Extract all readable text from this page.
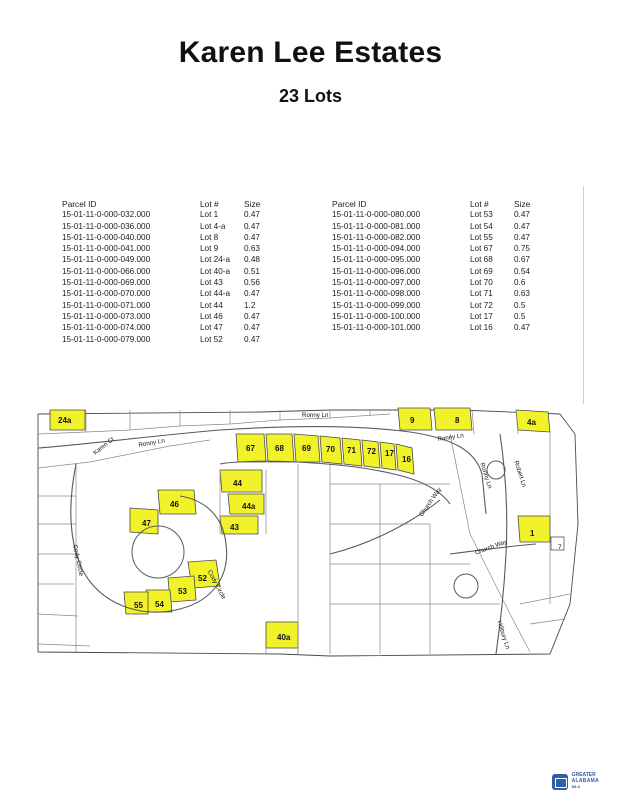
Karen Lee Estates
23 Lots
Parcel ID	Lot #	Size
15-01-11-0-000-032.000	Lot 1	0.47
15-01-11-0-000-036.000	Lot 4-a	0.47
15-01-11-0-000-040.000	Lot 8	0.47
15-01-11-0-000-041.000	Lot 9	0.63
15-01-11-0-000-049.000	Lot 24-a	0.48
15-01-11-0-000-066.000	Lot 40-a	0.51
15-01-11-0-000-069.000	Lot 43	0.56
15-01-11-0-000-070.000	Lot 44-a	0.47
15-01-11-0-000-071.000	Lot 44	1.2
15-01-11-0-000-073.000	Lot 46	0.47
15-01-11-0-000-074.000	Lot 47	0.47
15-01-11-0-000-079.000	Lot 52	0.47
Parcel ID	Lot #	Size
15-01-11-0-000-080.000	Lot 53	0.47
15-01-11-0-000-081.000	Lot 54	0.47
15-01-11-0-000-082.000	Lot 55	0.47
15-01-11-0-000-094.000	Lot 67	0.75
15-01-11-0-000-095.000	Lot 68	0.67
15-01-11-0-000-096.000	Lot 69	0.54
15-01-11-0-000-097.000	Lot 70	0.6
15-01-11-0-000-098.000	Lot 71	0.63
15-01-11-0-000-099.000	Lot 72	0.5
15-01-11-0-000-100.000	Lot 17	0.5
15-01-11-0-000-101.000	Lot 16	0.47
24a	9	8	4a
67	68 69 70 71 72 17
16
44
46	44a
47	43
1
52
53
55 54
40a
Ronny Ln
Ronny Ln
Ronny Ln
Karen Ct
Ronny Ln	Robert Ln
Cody Circle
Cody Circle
Church Way
Church Way
Hillbury Ln
7
GREATER
ALABAMA
MLS
